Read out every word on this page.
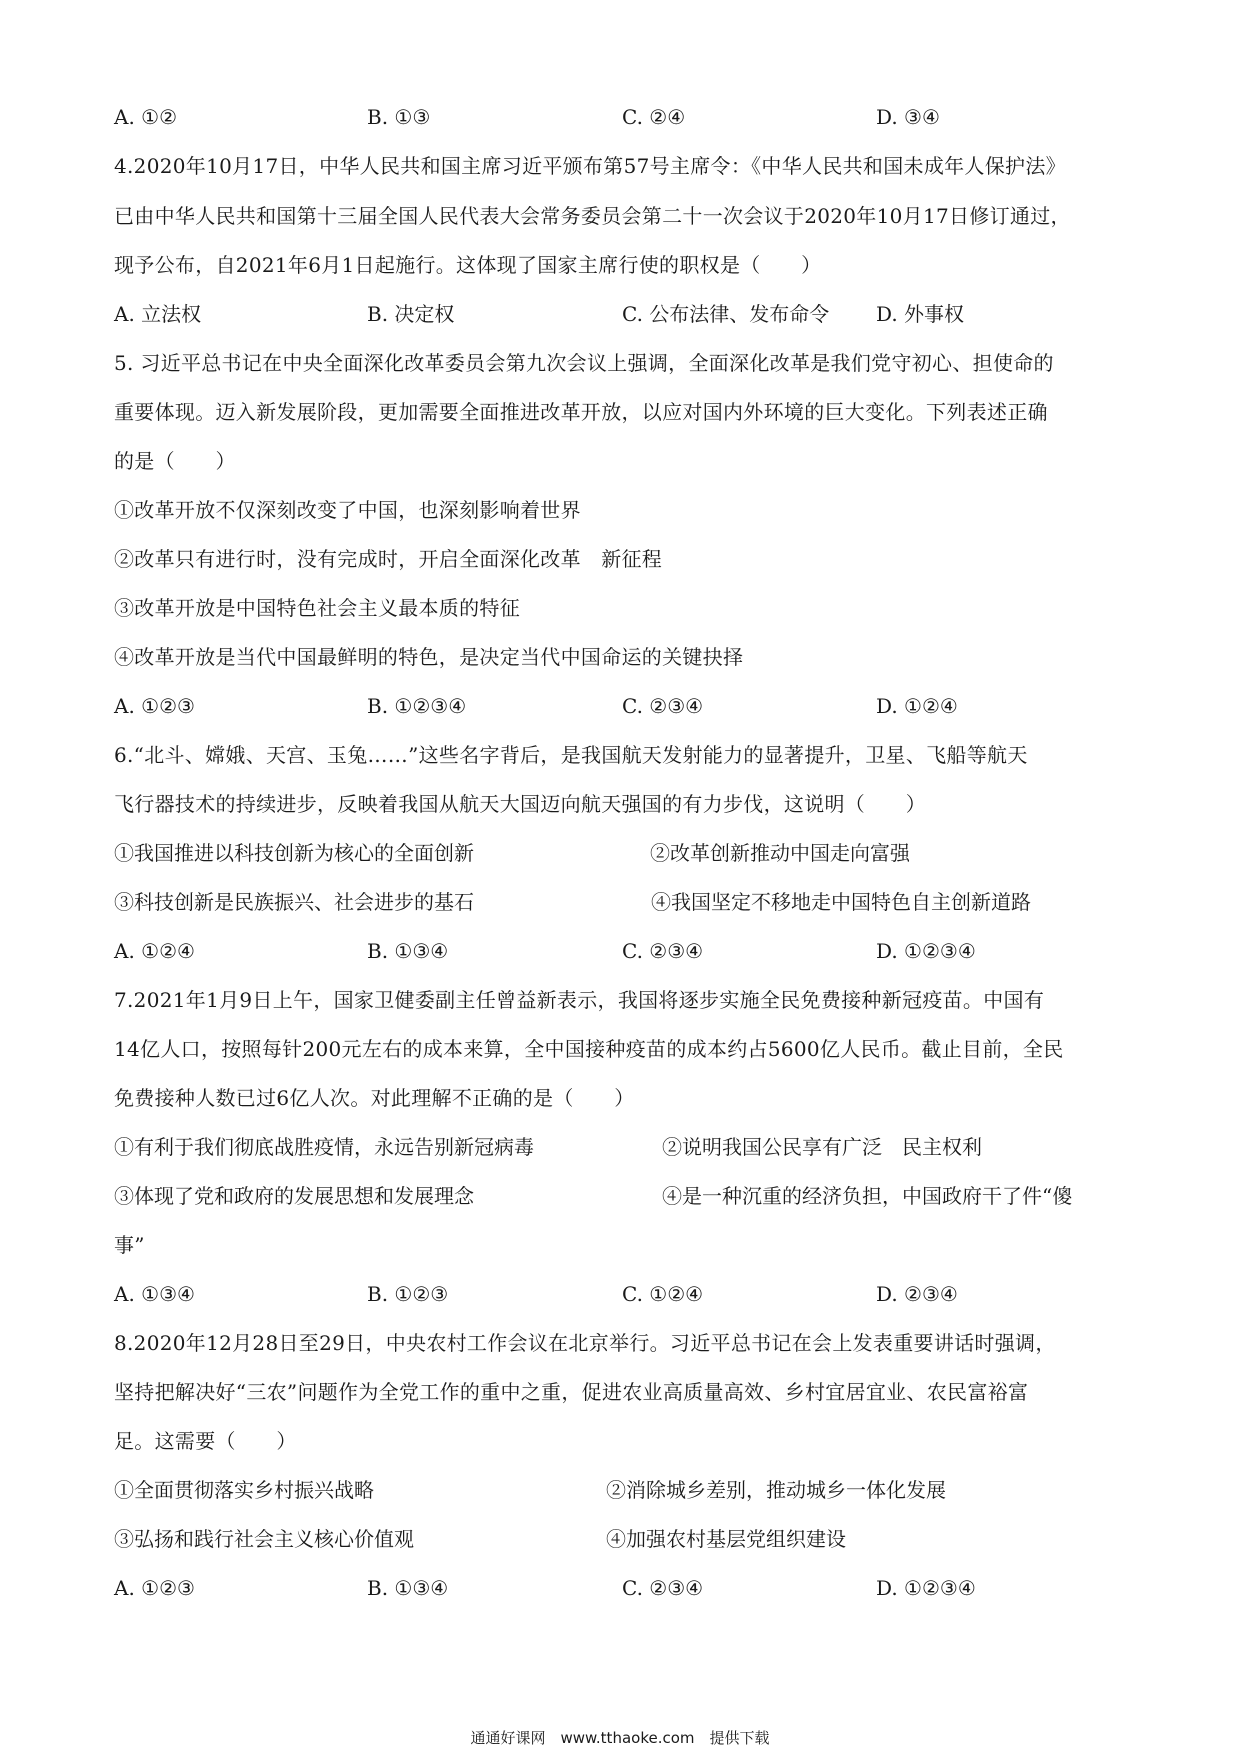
A. ①②	B. ①③	C. ②④	D. ③④
4.2020年10月17日，中华人民共和国主席习近平颁布第57号主席令：《中华人民共和国未成年人保护法》
已由中华人民共和国第十三届全国人民代表大会常务委员会第二十一次会议于2020年10月17日修订通过，
现予公布，自2021年6月1日起施行。这体现了国家主席行使的职权是（　　）
A. 立法权	B. 决定权	C. 公布法律、发布命令 D. 外事权
5. 习近平总书记在中央全面深化改革委员会第九次会议上强调，全面深化改革是我们党守初心、担使命的
重要体现。迈入新发展阶段，更加需要全面推进改革开放，以应对国内外环境的巨大变化。下列表述正确
的是（　　）
①改革开放不仅深刻改变了中国，也深刻影响着世界
②改革只有进行时，没有完成时，开启全面深化改革　新征程
③改革开放是中国特色社会主义最本质的特征
④改革开放是当代中国最鲜明的特色，是决定当代中国命运的关键抉择
A. ①②③	B. ①②③④	C. ②③④	D. ①②④
6.“北斗、嫦娥、天宫、玉兔……”这些名字背后，是我国航天发射能力的显著提升，卫星、飞船等航天
飞行器技术的持续进步，反映着我国从航天大国迈向航天强国的有力步伐，这说明（　　）
①我国推进以科技创新为核心的全面创新	②改革创新推动中国走向富强
③科技创新是民族振兴、社会进步的基石	④我国坚定不移地走中国特色自主创新道路
A. ①②④	B. ①③④	C. ②③④	D. ①②③④
7.2021年1月9日上午，国家卫健委副主任曾益新表示，我国将逐步实施全民免费接种新冠疫苗。中国有
14亿人口，按照每针200元左右的成本来算，全中国接种疫苗的成本约占5600亿人民币。截止目前，全民
免费接种人数已过6亿人次。对此理解不正确的是（　　）
①有利于我们彻底战胜疫情，永远告别新冠病毒	②说明我国公民享有广泛　民主权利
③体现了党和政府的发展思想和发展理念	④是一种沉重的经济负担，中国政府干了件“傻
事”
A. ①③④	B. ①②③	C. ①②④	D. ②③④
8.2020年12月28日至29日，中央农村工作会议在北京举行。习近平总书记在会上发表重要讲话时强调，
坚持把解决好“三农”问题作为全党工作的重中之重，促进农业高质量高效、乡村宜居宜业、农民富裕富
足。这需要（　　）
①全面贯彻落实乡村振兴战略	②消除城乡差别，推动城乡一体化发展
③弘扬和践行社会主义核心价值观	④加强农村基层党组织建设
A. ①②③	B. ①③④	C. ②③④	D. ①②③④
通通好课网　www.tthaoke.com　提供下载
